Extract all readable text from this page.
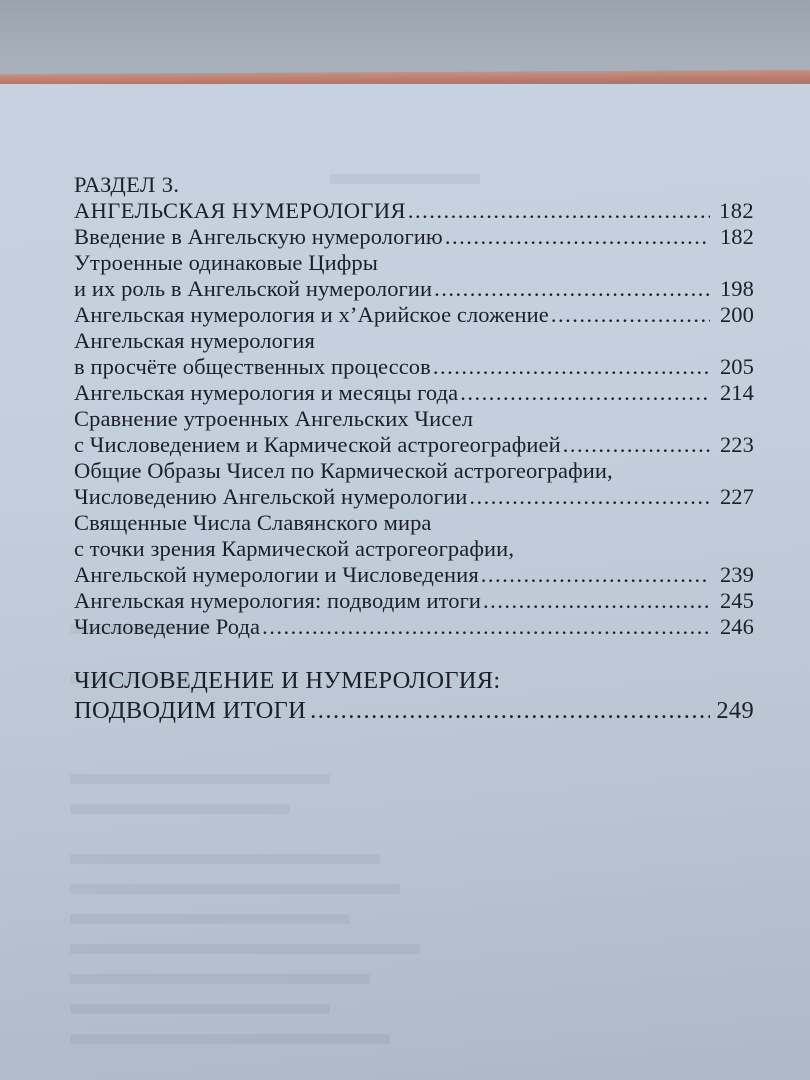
РАЗДЕЛ 3.
АНГЕЛЬСКАЯ НУМЕРОЛОГИЯ .....	182
Введение в Ангельскую нумерологию .....	182
Утроенные одинаковые Цифры
и их роль в Ангельской нумерологии .....	198
Ангельская нумерология и х’Арийское сложение .....	200
Ангельская нумерология
в просчёте общественных процессов .....	205
Ангельская нумерология и месяцы года .....	214
Сравнение утроенных Ангельских Чисел
с Числоведением и Кармической астрогеографией .....	223
Общие Образы Чисел по Кармической астрогеографии,
Числоведению Ангельской нумерологии .....	227
Священные Числа Славянского мира
с точки зрения Кармической астрогеографии,
Ангельской нумерологии и Числоведения .....	239
Ангельская нумерология: подводим итоги .....	245
Числоведение Рода .....	246
ЧИСЛОВЕДЕНИЕ И НУМЕРОЛОГИЯ:
ПОДВОДИМ ИТОГИ .....	249
